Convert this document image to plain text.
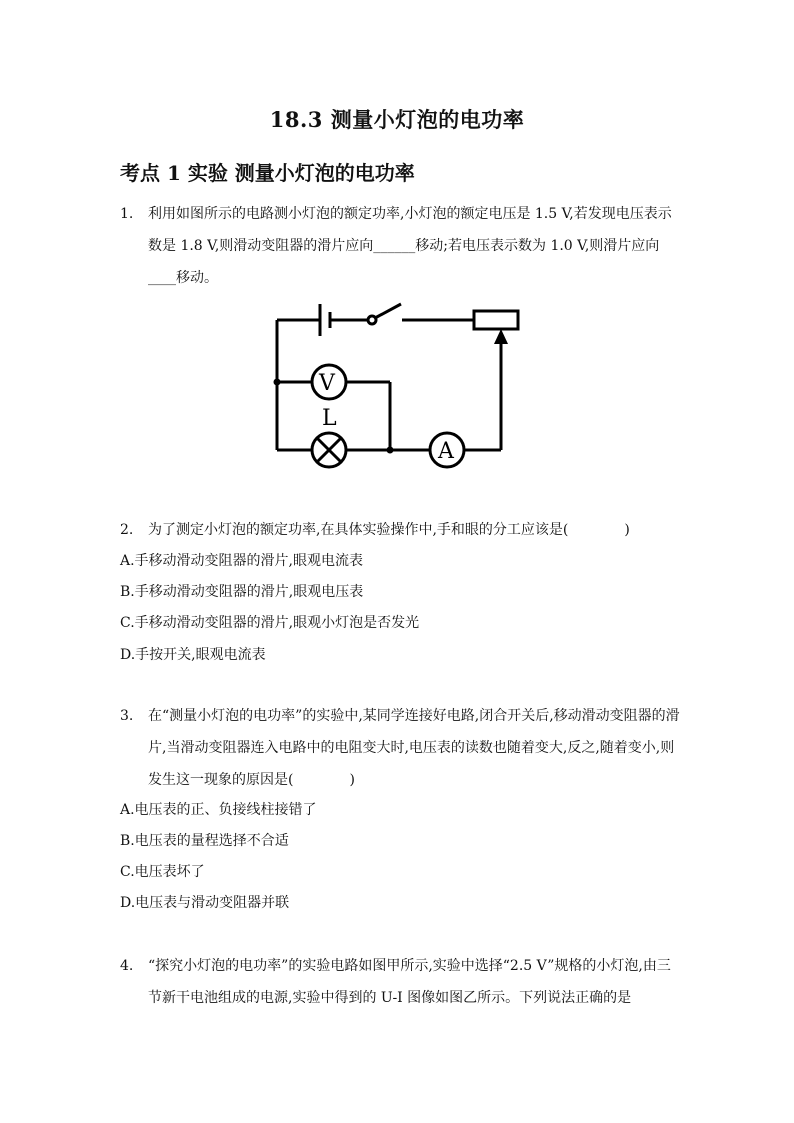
18.3 测量小灯泡的电功率
考点 1 实验 测量小灯泡的电功率
1.	利用如图所示的电路测小灯泡的额定功率,小灯泡的额定电压是 1.5 V,若发现电压表示数是 1.8 V,则滑动变阻器的滑片应向______移动;若电压表示数为 1.0 V,则滑片应向____移动。
V
L
A
2.	为了测定小灯泡的额定功率,在具体实验操作中,手和眼的分工应该是(　　　　)
A.手移动滑动变阻器的滑片,眼观电流表
B.手移动滑动变阻器的滑片,眼观电压表
C.手移动滑动变阻器的滑片,眼观小灯泡是否发光
D.手按开关,眼观电流表
3.	在“测量小灯泡的电功率”的实验中,某同学连接好电路,闭合开关后,移动滑动变阻器的滑片,当滑动变阻器连入电路中的电阻变大时,电压表的读数也随着变大,反之,随着变小,则发生这一现象的原因是(　　　　)
A.电压表的正、负接线柱接错了
B.电压表的量程选择不合适
C.电压表坏了
D.电压表与滑动变阻器并联
4.	“探究小灯泡的电功率”的实验电路如图甲所示,实验中选择“2.5 V”规格的小灯泡,由三节新干电池组成的电源,实验中得到的 U-I 图像如图乙所示。下列说法正确的是
